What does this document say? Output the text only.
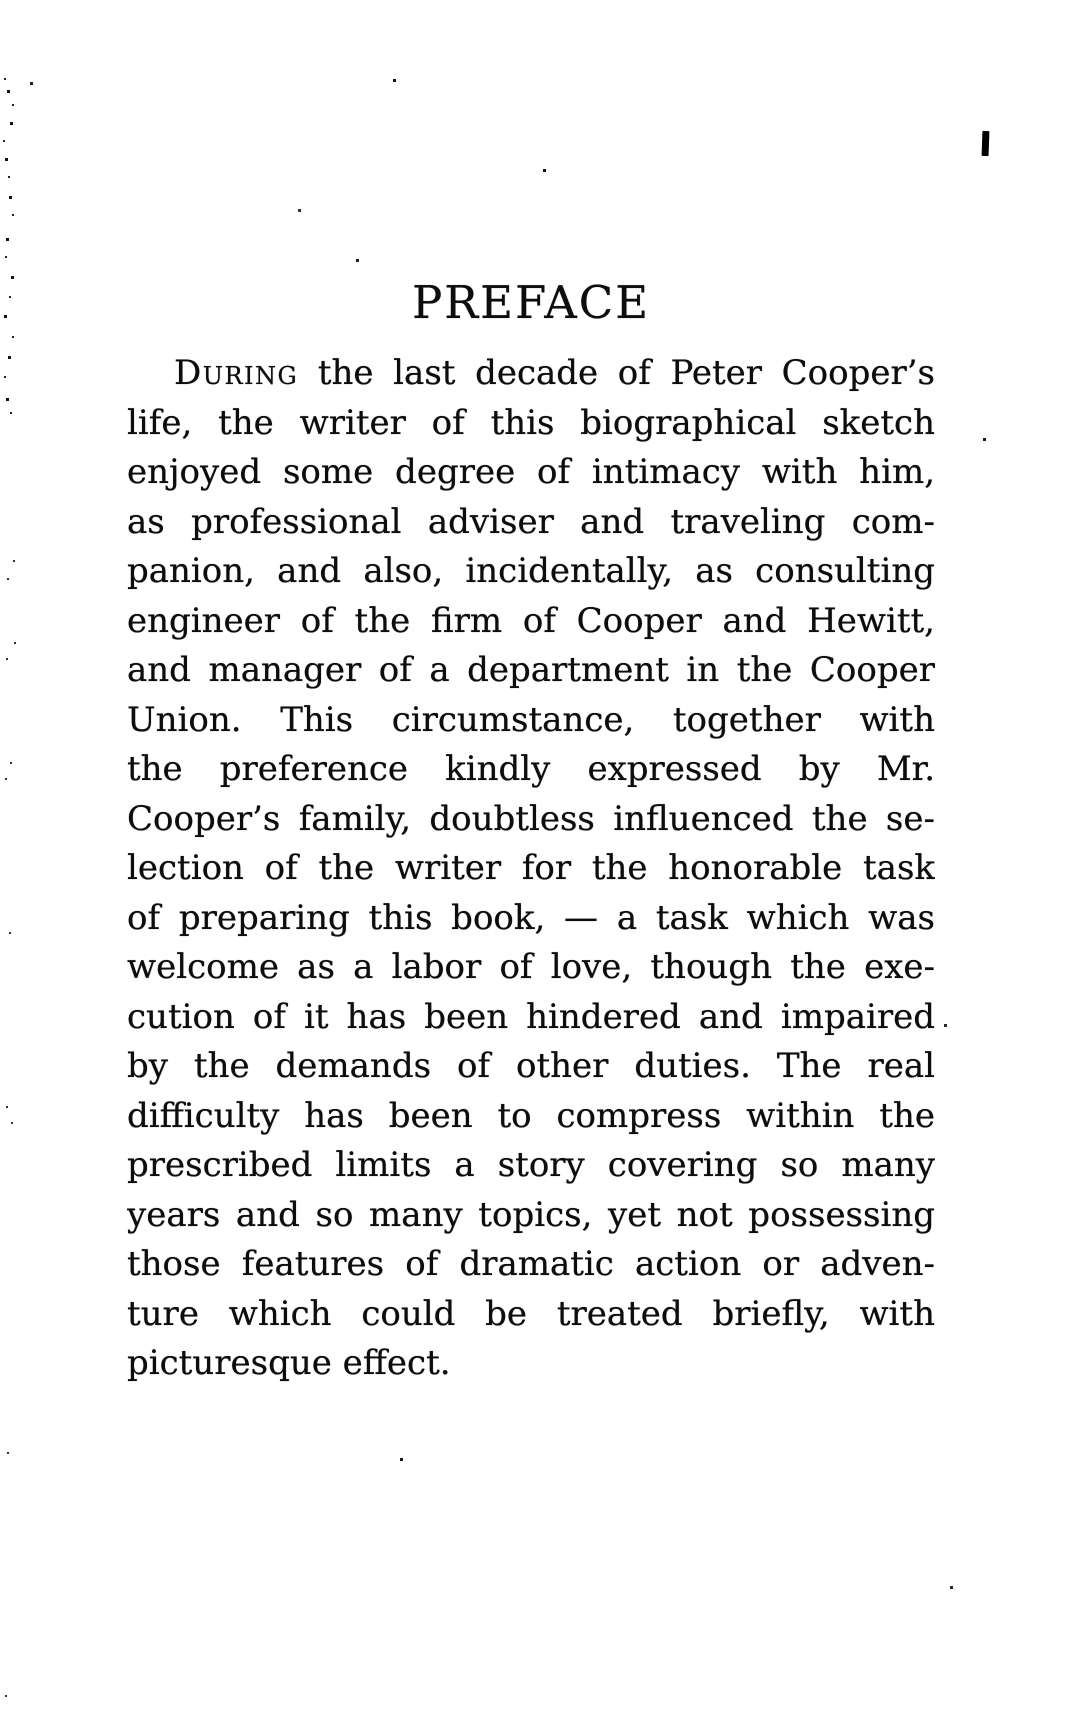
PREFACE
During the last decade of Peter Cooper’s
life, the writer of this biographical sketch
enjoyed some degree of intimacy with him,
as professional adviser and traveling com-
panion, and also, incidentally, as consulting
engineer of the firm of Cooper and Hewitt,
and manager of a department in the Cooper
Union. This circumstance, together with
the preference kindly expressed by Mr.
Cooper’s family, doubtless influenced the se-
lection of the writer for the honorable task
of preparing this book, — a task which was
welcome as a labor of love, though the exe-
cution of it has been hindered and impaired
by the demands of other duties. The real
difficulty has been to compress within the
prescribed limits a story covering so many
years and so many topics, yet not possessing
those features of dramatic action or adven-
ture which could be treated briefly, with
picturesque effect.
